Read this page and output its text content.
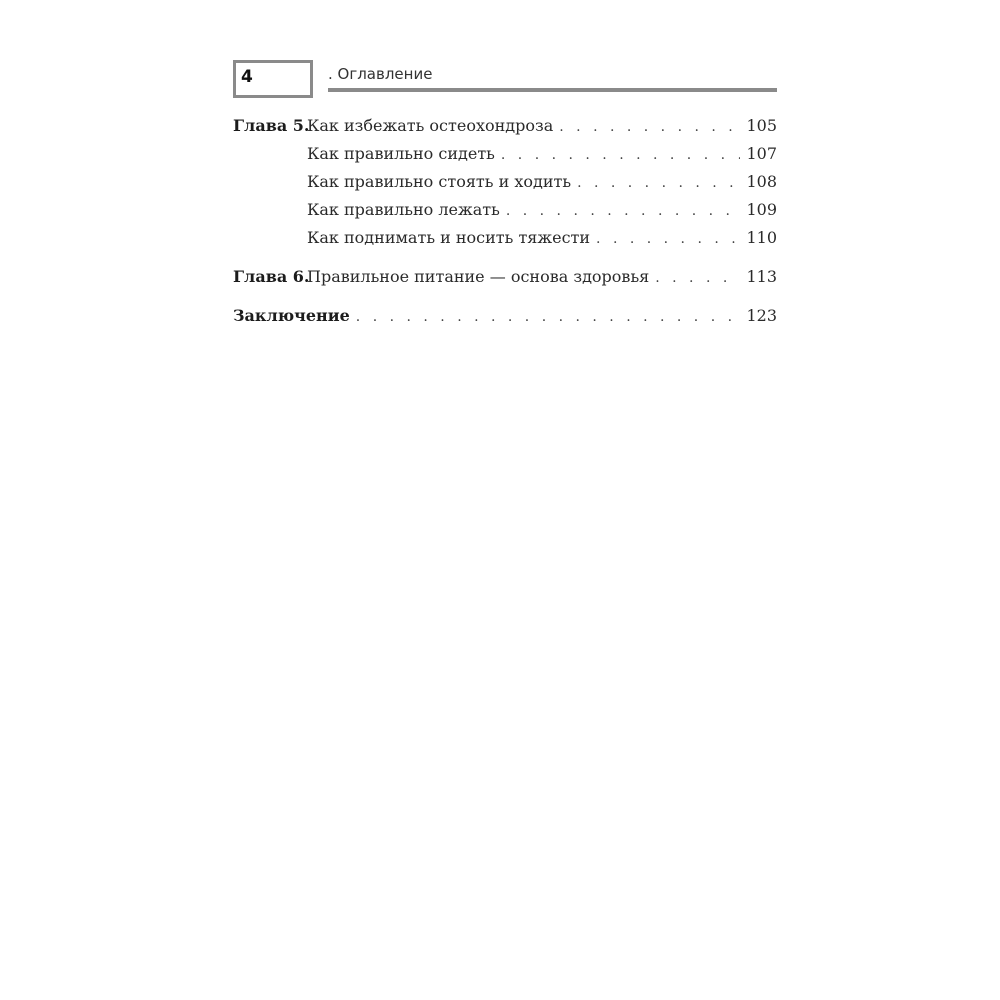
4	. Оглавление
Глава 5.
Как избежать остеохондроза . . .	105
Как правильно сидеть . . .	107
Как правильно стоять и ходить . . .	108
Как правильно лежать . . .	109
Как поднимать и носить тяжести . . .	110
Глава 6.
Правильное питание — основа здоровья . . .	113
Заключение . . .	123
